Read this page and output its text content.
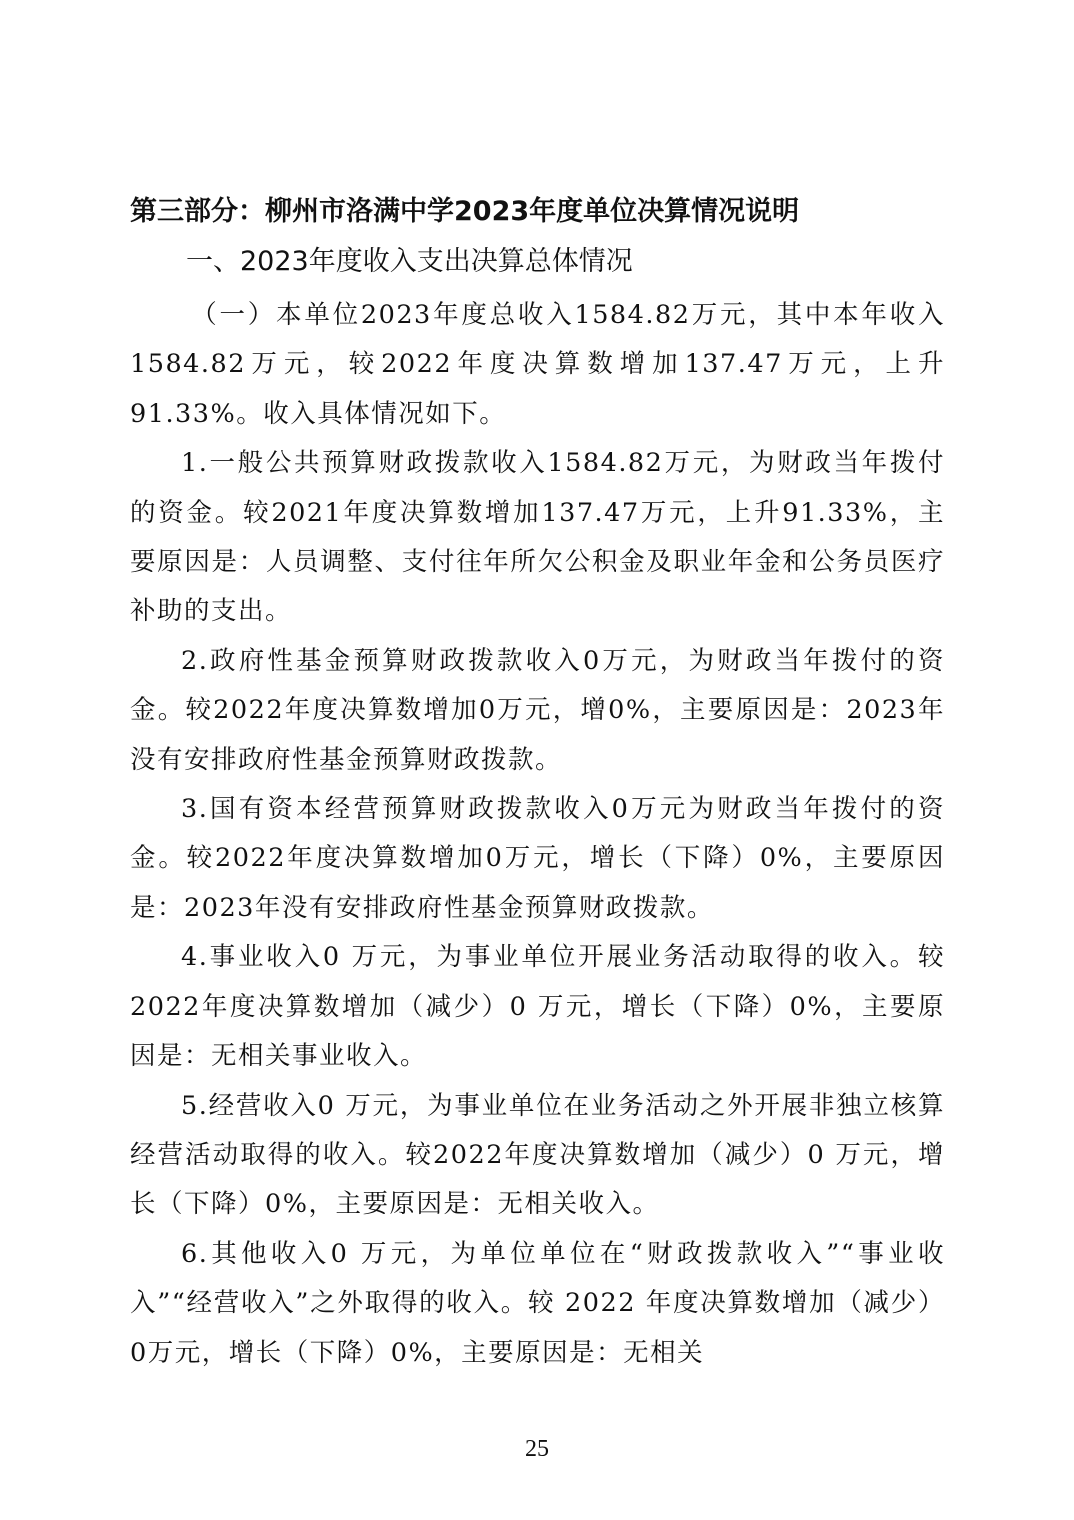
第三部分：柳州市洛满中学2023年度单位决算情况说明
一、2023年度收入支出决算总体情况

（一）本单位2023年度总收入1584.82万元，其中本年收入1584.82万元，较2022年度决算数增加137.47万元，上升91.33%。收入具体情况如下。

1.一般公共预算财政拨款收入1584.82万元，为财政当年拨付的资金。较2021年度决算数增加137.47万元，上升91.33%，主要原因是：人员调整、支付往年所欠公积金及职业年金和公务员医疗补助的支出。

2.政府性基金预算财政拨款收入0万元，为财政当年拨付的资金。较2022年度决算数增加0万元，增0%，主要原因是：2023年没有安排政府性基金预算财政拨款。

3.国有资本经营预算财政拨款收入0万元为财政当年拨付的资金。较2022年度决算数增加0万元，增长（下降）0%，主要原因是：2023年没有安排政府性基金预算财政拨款。

4.事业收入0 万元，为事业单位开展业务活动取得的收入。较2022年度决算数增加（减少）0 万元，增长（下降）0%，主要原因是：无相关事业收入。

5.经营收入0 万元，为事业单位在业务活动之外开展非独立核算经营活动取得的收入。较2022年度决算数增加（减少）0 万元，增长（下降）0%，主要原因是：无相关收入。

6.其他收入0 万元，为单位单位在“财政拨款收入”“事业收入”“经营收入”之外取得的收入。较 2022 年度决算数增加（减少）0万元，增长（下降）0%，主要原因是：无相关

25
